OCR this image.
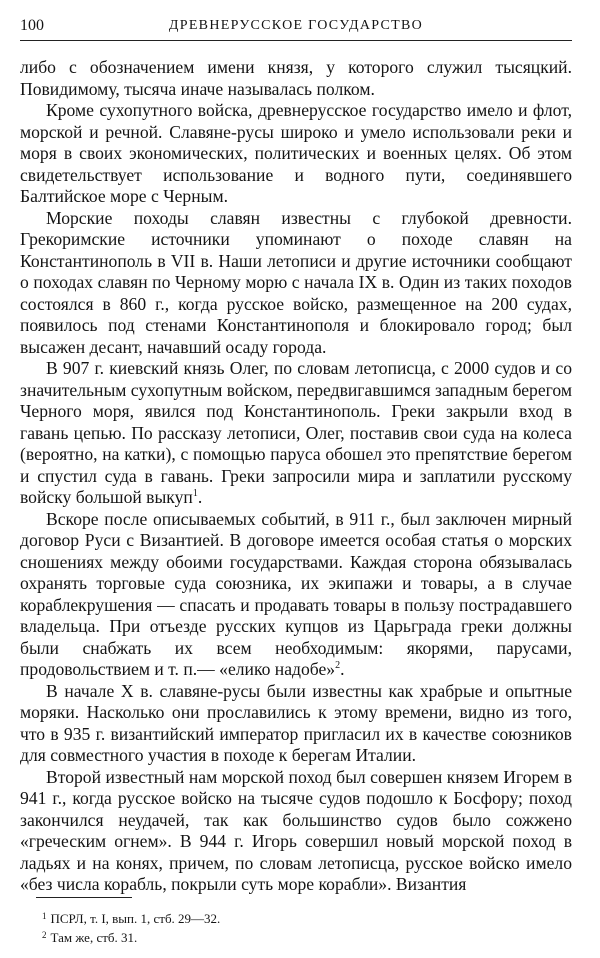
100	ДРЕВНЕРУССКОЕ ГОСУДАРСТВО

либо с обозначением имени князя, у которого служил тысяцкий. Повидимому, тысяча иначе называлась полком.

Кроме сухопутного войска, древнерусское государство имело и флот, морской и речной. Славяне-русы широко и умело использовали реки и моря в своих экономических, политических и военных целях. Об этом свидетельствует использование и водного пути, соединявшего Балтийское море с Черным.

Морские походы славян известны с глубокой древности. Грекоримские источники упоминают о походе славян на Константинополь в VII в. Наши летописи и другие источники сообщают о походах славян по Черному морю с начала IX в. Один из таких походов состоялся в 860 г., когда русское войско, размещенное на 200 судах, появилось под стенами Константинополя и блокировало город; был высажен десант, начавший осаду города.

В 907 г. киевский князь Олег, по словам летописца, с 2000 судов и со значительным сухопутным войском, передвигавшимся западным берегом Черного моря, явился под Константинополь. Греки закрыли вход в гавань цепью. По рассказу летописи, Олег, поставив свои суда на колеса (вероятно, на катки), с помощью паруса обошел это препятствие берегом и спустил суда в гавань. Греки запросили мира и заплатили русскому войску большой выкуп$^1$.

Вскоре после описываемых событий, в 911 г., был заключен мирный договор Руси с Византией. В договоре имеется особая статья о морских сношениях между обоими государствами. Каждая сторона обязывалась охранять торговые суда союзника, их экипажи и товары, а в случае кораблекрушения — спасать и продавать товары в пользу пострадавшего владельца. При отъезде русских купцов из Царьграда греки должны были снабжать их всем необходимым: якорями, парусами, продовольствием и т. п.— «елико надобе»$^2$.

В начале X в. славяне-русы были известны как храбрые и опытные моряки. Насколько они прославились к этому времени, видно из того, что в 935 г. византийский император пригласил их в качестве союзников для совместного участия в походе к берегам Италии.

Второй известный нам морской поход был совершен князем Игорем в 941 г., когда русское войско на тысяче судов подошло к Босфору; поход закончился неудачей, так как большинство судов было сожжено «греческим огнем». В 944 г. Игорь совершил новый морской поход в ладьях и на конях, причем, по словам летописца, русское войско имело «без числа корабль, покрыли суть море корабли». Византия

$^1$ ПСРЛ, т. I, вып. 1, стб. 29—32.
$^2$ Там же, стб. 31.
